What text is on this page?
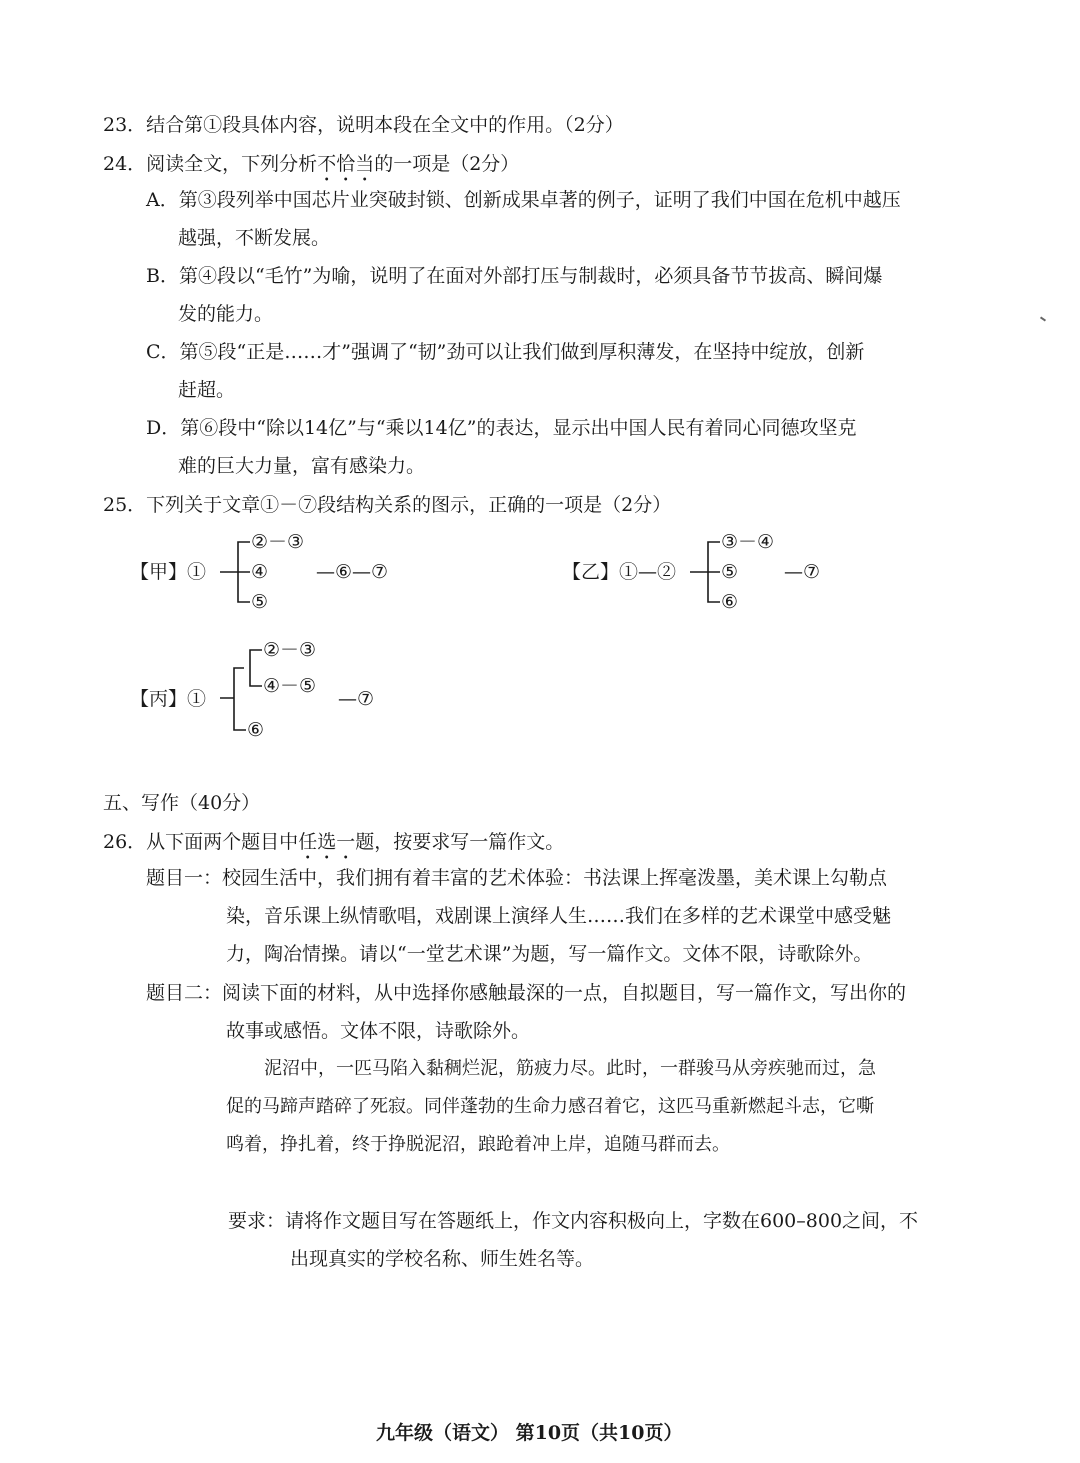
23．结合第①段具体内容，说明本段在全文中的作用。（2分）
24．阅读全文，下列分析不恰当的一项是（2分）
A．第③段列举中国芯片业突破封锁、创新成果卓著的例子，证明了我们中国在危机中越压
越强，不断发展。
B．第④段以“毛竹”为喻，说明了在面对外部打压与制裁时，必须具备节节拔高、瞬间爆
发的能力。
C．第⑤段“正是……才”强调了“韧”劲可以让我们做到厚积薄发，在坚持中绽放，创新
赶超。
D．第⑥段中“除以14亿”与“乘以14亿”的表达，显示出中国人民有着同心同德攻坚克
难的巨大力量，富有感染力。
25．下列关于文章①－⑦段结构关系的图示，正确的一项是（2分）
【甲】①
②－③
④
⑤
—⑥—⑦	【乙】①—②
③－④
⑤
⑥
—⑦
【丙】①
②－③
④－⑤
⑥
—⑦
五、写作（40分）
26．从下面两个题目中任选一题，按要求写一篇作文。
题目一：校园生活中，我们拥有着丰富的艺术体验：书法课上挥毫泼墨，美术课上勾勒点
染，音乐课上纵情歌唱，戏剧课上演绎人生……我们在多样的艺术课堂中感受魅
力，陶冶情操。请以“一堂艺术课”为题，写一篇作文。文体不限，诗歌除外。
题目二：阅读下面的材料，从中选择你感触最深的一点，自拟题目，写一篇作文，写出你的
故事或感悟。文体不限，诗歌除外。
泥沼中，一匹马陷入黏稠烂泥，筋疲力尽。此时，一群骏马从旁疾驰而过，急
促的马蹄声踏碎了死寂。同伴蓬勃的生命力感召着它，这匹马重新燃起斗志，它嘶
鸣着，挣扎着，终于挣脱泥沼，踉跄着冲上岸，追随马群而去。
要求：请将作文题目写在答题纸上，作文内容积极向上，字数在600–800之间，不
出现真实的学校名称、师生姓名等。
九年级（语文） 第10页（共10页）
